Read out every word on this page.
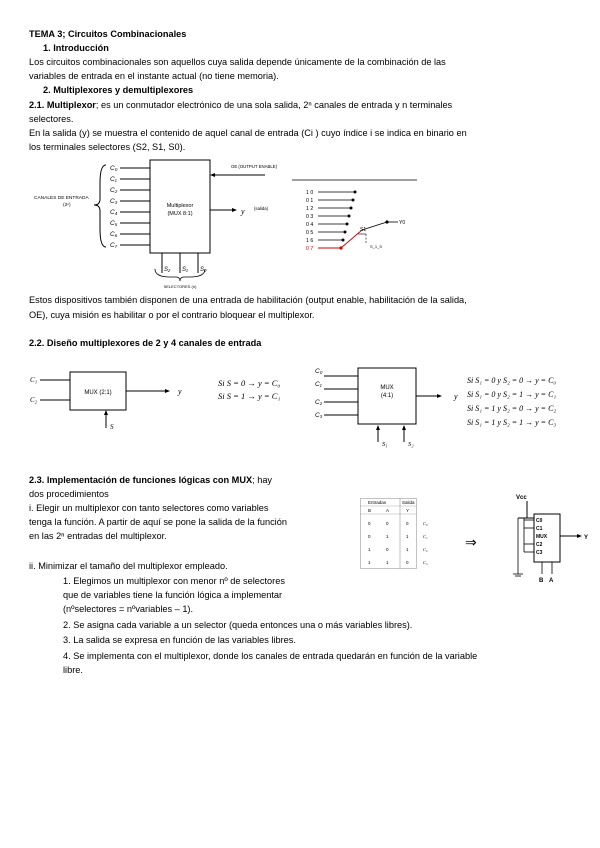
TEMA 3; Circuitos Combinacionales
1. Introducción
Los circuitos combinacionales son aquellos cuya salida depende únicamente de la combinación de las
variables de entrada en el instante actual (no tiene memoria).
2. Multiplexores y demultiplexores
2.1. Multiplexor; es un conmutador electrónico de una sola salida, 2ⁿ canales de entrada y n terminales
selectores.
En la salida (y) se muestra el contenido de aquel canal de entrada (Ci ) cuyo índice i se indica en binario en
los terminales selectores (S2, S1, S0).
CANALES DE ENTRADA
(2ⁿ)
C₀
C₁
C₂
C₃
C₄
C₅
C₆
C₇
Multiplexor
(MUX 8:1)
OE (OUTPUT ENABLE)
y (salida)
S₂ S₁ S₀
SELECTORES (n)
1 0
0 1
1 2
0 3
0 4
0 5
1 6
0 7
Y0
S1
S_1_S
Estos dispositivos también disponen de una entrada de habilitación (output enable, habilitación de la salida,
OE), cuya misión es habilitar o por el contrario bloquear el multiplexor.
2.2. Diseño multiplexores de 2 y 4 canales de entrada
C₁
C₂
MUX (2:1)	y
S
Si S = 0 → y = C₀
Si S = 1 → y = C₁
C₀
C₁
C₂
C₃
MUX
(4:1)	y
S₁	S₂
Si S₁ = 0 y S₂ = 0 → y = C₀
Si S₁ = 0 y S₂ = 1 → y = C₁
Si S₁ = 1 y S₂ = 0 → y = C₂
Si S₁ = 1 y S₂ = 1 → y = C₃
2.3. Implementación de funciones lógicas con MUX; hay
dos procedimientos
i. Elegir un multiplexor con tanto selectores como variables
tenga la función. A partir de aquí se pone la salida de la función
en las 2ⁿ entradas del multiplexor.
ii. Minimizar el tamaño del multiplexor empleado.
1. Elegimos un multiplexor con menor nº de selectores
que de variables tiene la función lógica a implementar
(nºselectores = nºvariables – 1).
2. Se asigna cada variable a un selector (queda entonces una o más variables libres).
3. La salida se expresa en función de las variables libres.
4. Se implementa con el multiplexor, donde los canales de entrada quedarán en función de la variable
libre.
Entradas	Salida
B	A	Y
0	0	0	C₀
0	1	1	C₁
1	0	1	C₂
1	1	0	C₃
⇒
Vcc
C0
C1
MUX
C2
C3
Y
B A
